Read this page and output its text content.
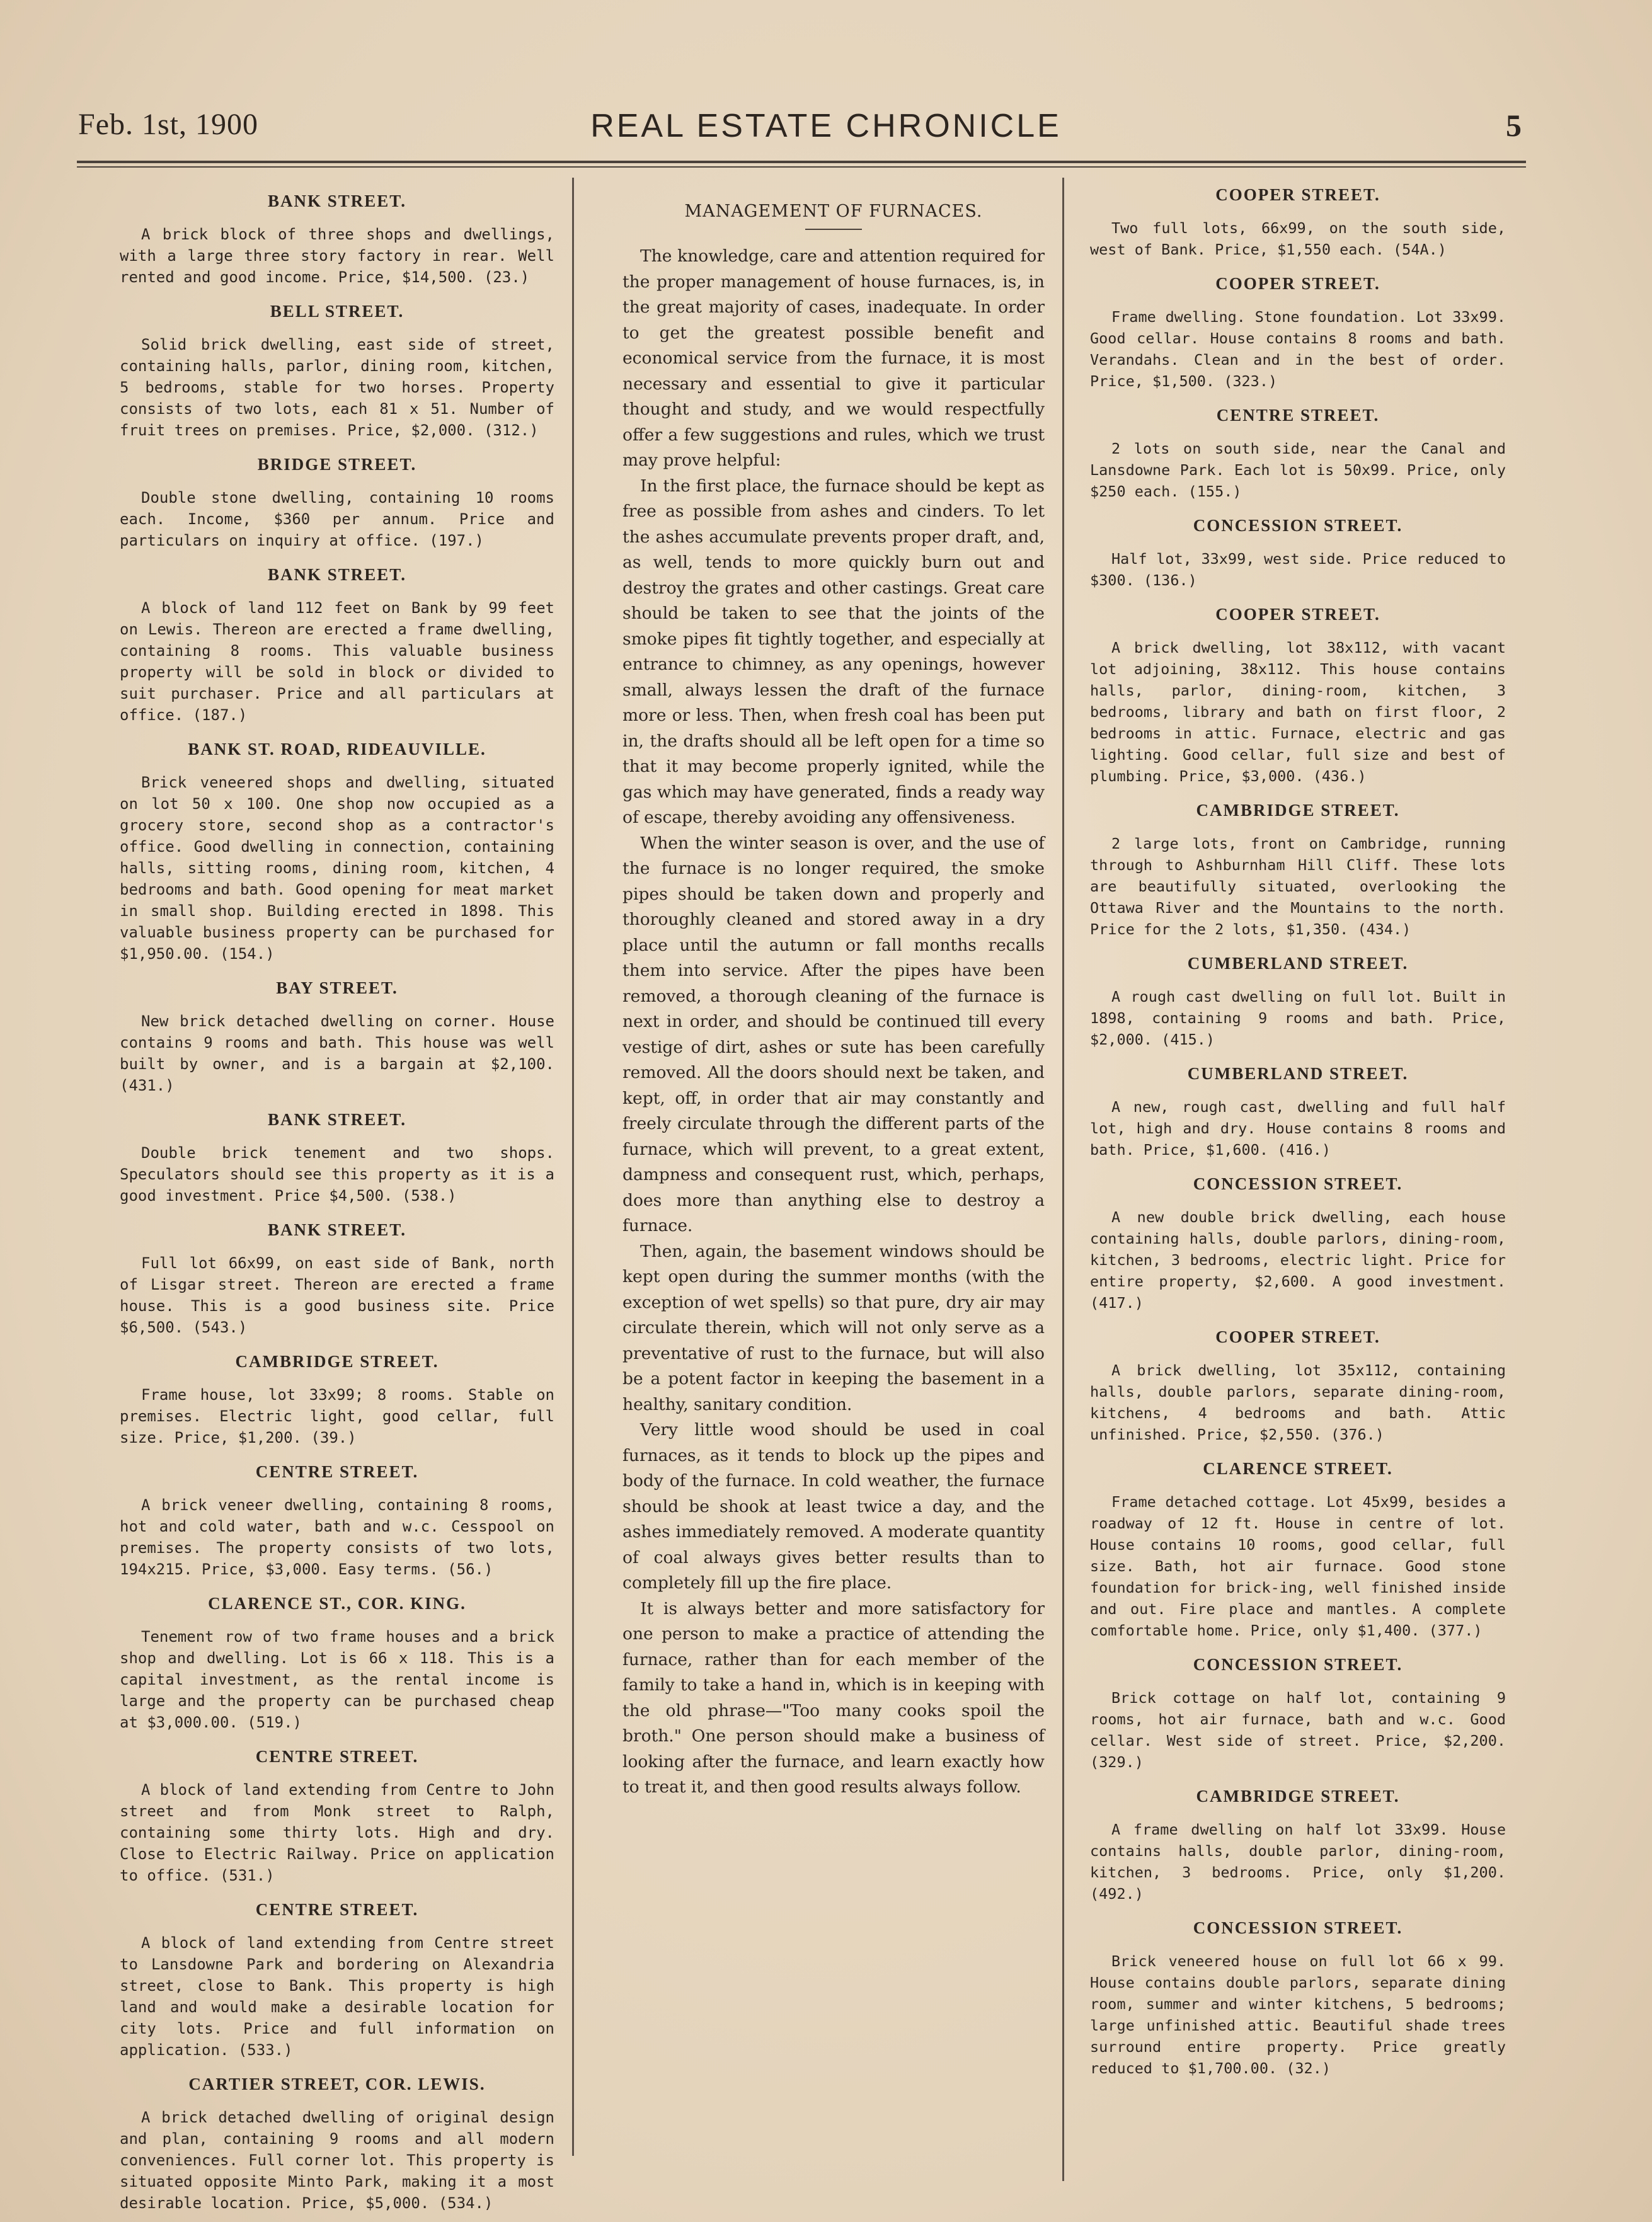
Feb. 1st, 1900	REAL ESTATE CHRONICLE	5
BANK STREET.
A brick block of three shops and dwellings, with a large three story factory in rear. Well rented and good income. Price, $14,500. (23.)
BELL STREET.
Solid brick dwelling, east side of street, containing halls, parlor, dining room, kitchen, 5 bedrooms, stable for two horses. Property consists of two lots, each 81 x 51. Number of fruit trees on premises. Price, $2,000. (312.)
BRIDGE STREET.
Double stone dwelling, containing 10 rooms each. Income, $360 per annum. Price and particulars on inquiry at office. (197.)
BANK STREET.
A block of land 112 feet on Bank by 99 feet on Lewis. Thereon are erected a frame dwelling, containing 8 rooms. This valuable business property will be sold in block or divided to suit purchaser. Price and all particulars at office. (187.)
BANK ST. ROAD, RIDEAUVILLE.
Brick veneered shops and dwelling, situated on lot 50 x 100. One shop now occupied as a grocery store, second shop as a contractor's office. Good dwelling in connection, containing halls, sitting rooms, dining room, kitchen, 4 bedrooms and bath. Good opening for meat market in small shop. Building erected in 1898. This valuable business property can be purchased for $1,950.00. (154.)
BAY STREET.
New brick detached dwelling on corner. House contains 9 rooms and bath. This house was well built by owner, and is a bargain at $2,100. (431.)
BANK STREET.
Double brick tenement and two shops. Speculators should see this property as it is a good investment. Price $4,500. (538.)
BANK STREET.
Full lot 66x99, on east side of Bank, north of Lisgar street. Thereon are erected a frame house. This is a good business site. Price $6,500. (543.)
CAMBRIDGE STREET.
Frame house, lot 33x99; 8 rooms. Stable on premises. Electric light, good cellar, full size. Price, $1,200. (39.)
CENTRE STREET.
A brick veneer dwelling, containing 8 rooms, hot and cold water, bath and w.c. Cesspool on premises. The property consists of two lots, 194x215. Price, $3,000. Easy terms. (56.)
CLARENCE ST., COR. KING.
Tenement row of two frame houses and a brick shop and dwelling. Lot is 66 x 118. This is a capital investment, as the rental income is large and the property can be purchased cheap at $3,000.00. (519.)
CENTRE STREET.
A block of land extending from Centre to John street and from Monk street to Ralph, containing some thirty lots. High and dry. Close to Electric Railway. Price on application to office. (531.)
CENTRE STREET.
A block of land extending from Centre street to Lansdowne Park and bordering on Alexandria street, close to Bank. This property is high land and would make a desirable location for city lots. Price and full information on application. (533.)
CARTIER STREET, COR. LEWIS.
A brick detached dwelling of original design and plan, containing 9 rooms and all modern conveniences. Full corner lot. This property is situated opposite Minto Park, making it a most desirable location. Price, $5,000. (534.)
MANAGEMENT OF FURNACES.

The knowledge, care and attention required for the proper management of house furnaces, is, in the great majority of cases, inadequate. In order to get the greatest possible benefit and economical service from the furnace, it is most necessary and essential to give it particular thought and study, and we would respectfully offer a few suggestions and rules, which we trust may prove helpful:

In the first place, the furnace should be kept as free as possible from ashes and cinders. To let the ashes accumulate prevents proper draft, and, as well, tends to more quickly burn out and destroy the grates and other castings. Great care should be taken to see that the joints of the smoke pipes fit tightly together, and especially at entrance to chimney, as any openings, however small, always lessen the draft of the furnace more or less. Then, when fresh coal has been put in, the drafts should all be left open for a time so that it may become properly ignited, while the gas which may have generated, finds a ready way of escape, thereby avoiding any offensiveness.

When the winter season is over, and the use of the furnace is no longer required, the smoke pipes should be taken down and properly and thoroughly cleaned and stored away in a dry place until the autumn or fall months recalls them into service. After the pipes have been removed, a thorough cleaning of the furnace is next in order, and should be continued till every vestige of dirt, ashes or sute has been carefully removed. All the doors should next be taken, and kept, off, in order that air may constantly and freely circulate through the different parts of the furnace, which will prevent, to a great extent, dampness and consequent rust, which, perhaps, does more than anything else to destroy a furnace.

Then, again, the basement windows should be kept open during the summer months (with the exception of wet spells) so that pure, dry air may circulate therein, which will not only serve as a preventative of rust to the furnace, but will also be a potent factor in keeping the basement in a healthy, sanitary condition.

Very little wood should be used in coal furnaces, as it tends to block up the pipes and body of the furnace. In cold weather, the furnace should be shook at least twice a day, and the ashes immediately removed. A moderate quantity of coal always gives better results than to completely fill up the fire place.

It is always better and more satisfactory for one person to make a practice of attending the furnace, rather than for each member of the family to take a hand in, which is in keeping with the old phrase—"Too many cooks spoil the broth." One person should make a business of looking after the furnace, and learn exactly how to treat it, and then good results always follow.

COOPER STREET.
Two full lots, 66x99, on the south side, west of Bank. Price, $1,550 each. (54A.)
COOPER STREET.
Frame dwelling. Stone foundation. Lot 33x99. Good cellar. House contains 8 rooms and bath. Verandahs. Clean and in the best of order. Price, $1,500. (323.)
CENTRE STREET.
2 lots on south side, near the Canal and Lansdowne Park. Each lot is 50x99. Price, only $250 each. (155.)
CONCESSION STREET.
Half lot, 33x99, west side. Price reduced to $300. (136.)
COOPER STREET.
A brick dwelling, lot 38x112, with vacant lot adjoining, 38x112. This house contains halls, parlor, dining-room, kitchen, 3 bedrooms, library and bath on first floor, 2 bedrooms in attic. Furnace, electric and gas lighting. Good cellar, full size and best of plumbing. Price, $3,000. (436.)
CAMBRIDGE STREET.
2 large lots, front on Cambridge, running through to Ashburnham Hill Cliff. These lots are beautifully situated, overlooking the Ottawa River and the Mountains to the north. Price for the 2 lots, $1,350. (434.)
CUMBERLAND STREET.
A rough cast dwelling on full lot. Built in 1898, containing 9 rooms and bath. Price, $2,000. (415.)
CUMBERLAND STREET.
A new, rough cast, dwelling and full half lot, high and dry. House contains 8 rooms and bath. Price, $1,600. (416.)
CONCESSION STREET.
A new double brick dwelling, each house containing halls, double parlors, dining-room, kitchen, 3 bedrooms, electric light. Price for entire property, $2,600. A good investment. (417.)
COOPER STREET.
A brick dwelling, lot 35x112, containing halls, double parlors, separate dining-room, kitchens, 4 bedrooms and bath. Attic unfinished. Price, $2,550. (376.)
CLARENCE STREET.
Frame detached cottage. Lot 45x99, besides a roadway of 12 ft. House in centre of lot. House contains 10 rooms, good cellar, full size. Bath, hot air furnace. Good stone foundation for brick-ing, well finished inside and out. Fire place and mantles. A complete comfortable home. Price, only $1,400. (377.)
CONCESSION STREET.
Brick cottage on half lot, containing 9 rooms, hot air furnace, bath and w.c. Good cellar. West side of street. Price, $2,200. (329.)
CAMBRIDGE STREET.
A frame dwelling on half lot 33x99. House contains halls, double parlor, dining-room, kitchen, 3 bedrooms. Price, only $1,200. (492.)
CONCESSION STREET.
Brick veneered house on full lot 66 x 99. House contains double parlors, separate dining room, summer and winter kitchens, 5 bedrooms; large unfinished attic. Beautiful shade trees surround entire property. Price greatly reduced to $1,700.00. (32.)
